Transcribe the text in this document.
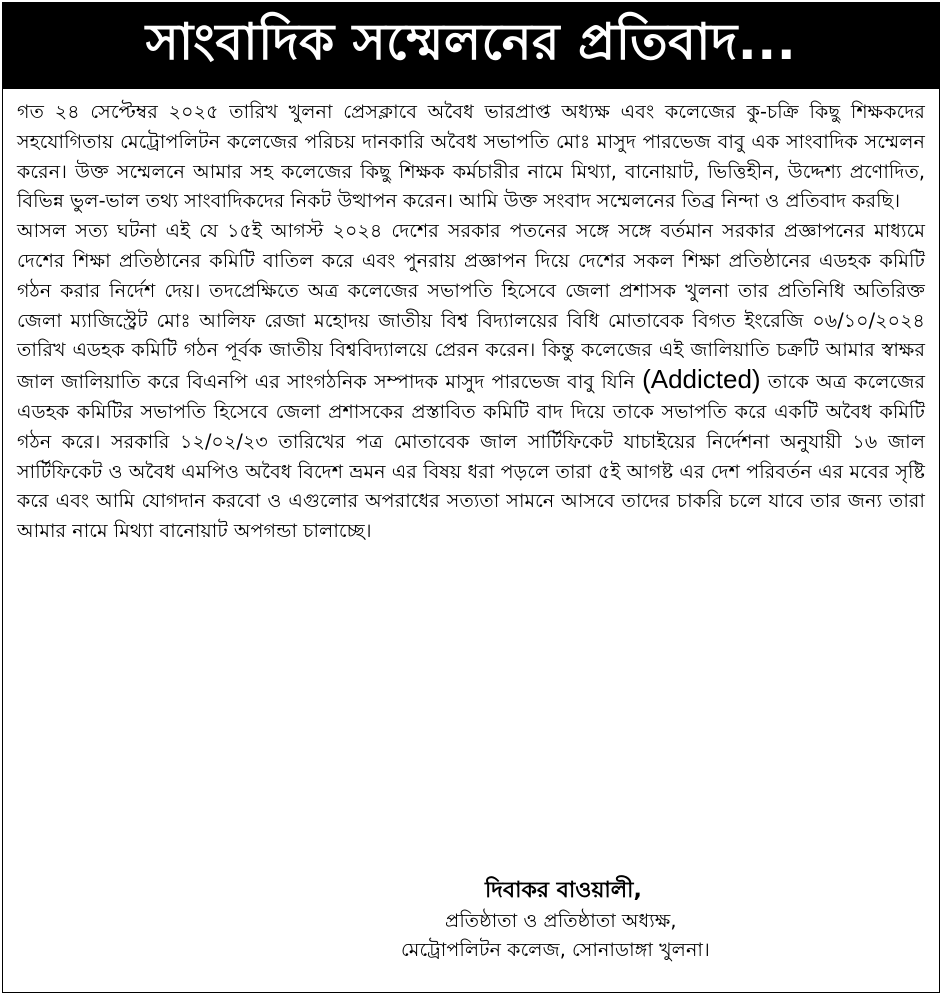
সাংবাদিক সম্মেলনের প্রতিবাদ...

গত ২৪ সেপ্টেম্বর ২০২৫ তারিখ খুলনা প্রেসক্লাবে অবৈধ ভারপ্রাপ্ত অধ্যক্ষ এবং কলেজের কু-চক্রি কিছু শিক্ষকদের সহযোগিতায় মেট্রোপলিটন কলেজের পরিচয় দানকারি অবৈধ সভাপতি মোঃ মাসুদ পারভেজ বাবু এক সাংবাদিক সম্মেলন করেন। উক্ত সম্মেলনে আমার সহ কলেজের কিছু শিক্ষক কর্মচারীর নামে মিথ্যা, বানোয়াট, ভিত্তিহীন, উদ্দেশ্য প্রণোদিত, বিভিন্ন ভুল-ভাল তথ্য সাংবাদিকদের নিকট উত্থাপন করেন। আমি উক্ত সংবাদ সম্মেলনের তিব্র নিন্দা ও প্রতিবাদ করছি।

আসল সত্য ঘটনা এই যে ১৫ই আগস্ট ২০২৪ দেশের সরকার পতনের সঙ্গে সঙ্গে বর্তমান সরকার প্রজ্ঞাপনের মাধ্যমে দেশের শিক্ষা প্রতিষ্ঠানের কমিটি বাতিল করে এবং পুনরায় প্রজ্ঞাপন দিয়ে দেশের সকল শিক্ষা প্রতিষ্ঠানের এডহক কমিটি গঠন করার নির্দেশ দেয়। তদপ্রেক্ষিতে অত্র কলেজের সভাপতি হিসেবে জেলা প্রশাসক খুলনা তার প্রতিনিধি অতিরিক্ত জেলা ম্যাজিস্ট্রেট মোঃ আলিফ রেজা মহোদয় জাতীয় বিশ্ব বিদ্যালয়ের বিধি মোতাবেক বিগত ইংরেজি ০৬/১০/২০২৪ তারিখ এডহক কমিটি গঠন পূর্বক জাতীয় বিশ্ববিদ্যালয়ে প্রেরন করেন। কিন্তু কলেজের এই জালিয়াতি চক্রটি আমার স্বাক্ষর জাল জালিয়াতি করে বিএনপি এর সাংগঠনিক সম্পাদক মাসুদ পারভেজ বাবু যিনি (Addicted) তাকে অত্র কলেজের এডহক কমিটির সভাপতি হিসেবে জেলা প্রশাসকের প্রস্তাবিত কমিটি বাদ দিয়ে তাকে সভাপতি করে একটি অবৈধ কমিটি গঠন করে। সরকারি ১২/০২/২৩ তারিখের পত্র মোতাবেক জাল সার্টিফিকেট যাচাইয়ের নির্দেশনা অনুযায়ী ১৬ জাল সার্টিফিকেট ও অবৈধ এমপিও অবৈধ বিদেশ ভ্রমন এর বিষয় ধরা পড়লে তারা ৫ই আগষ্ট এর দেশ পরিবর্তন এর মবের সৃষ্টি করে এবং আমি যোগদান করবো ও এগুলোর অপরাধের সত্যতা সামনে আসবে তাদের চাকরি চলে যাবে তার জন্য তারা আমার নামে মিথ্যা বানোয়াট অপগন্ডা চালাচ্ছে।

দিবাকর বাওয়ালী,
প্রতিষ্ঠাতা ও প্রতিষ্ঠাতা অধ্যক্ষ,
মেট্রোপলিটন কলেজ, সোনাডাঙ্গা খুলনা।
